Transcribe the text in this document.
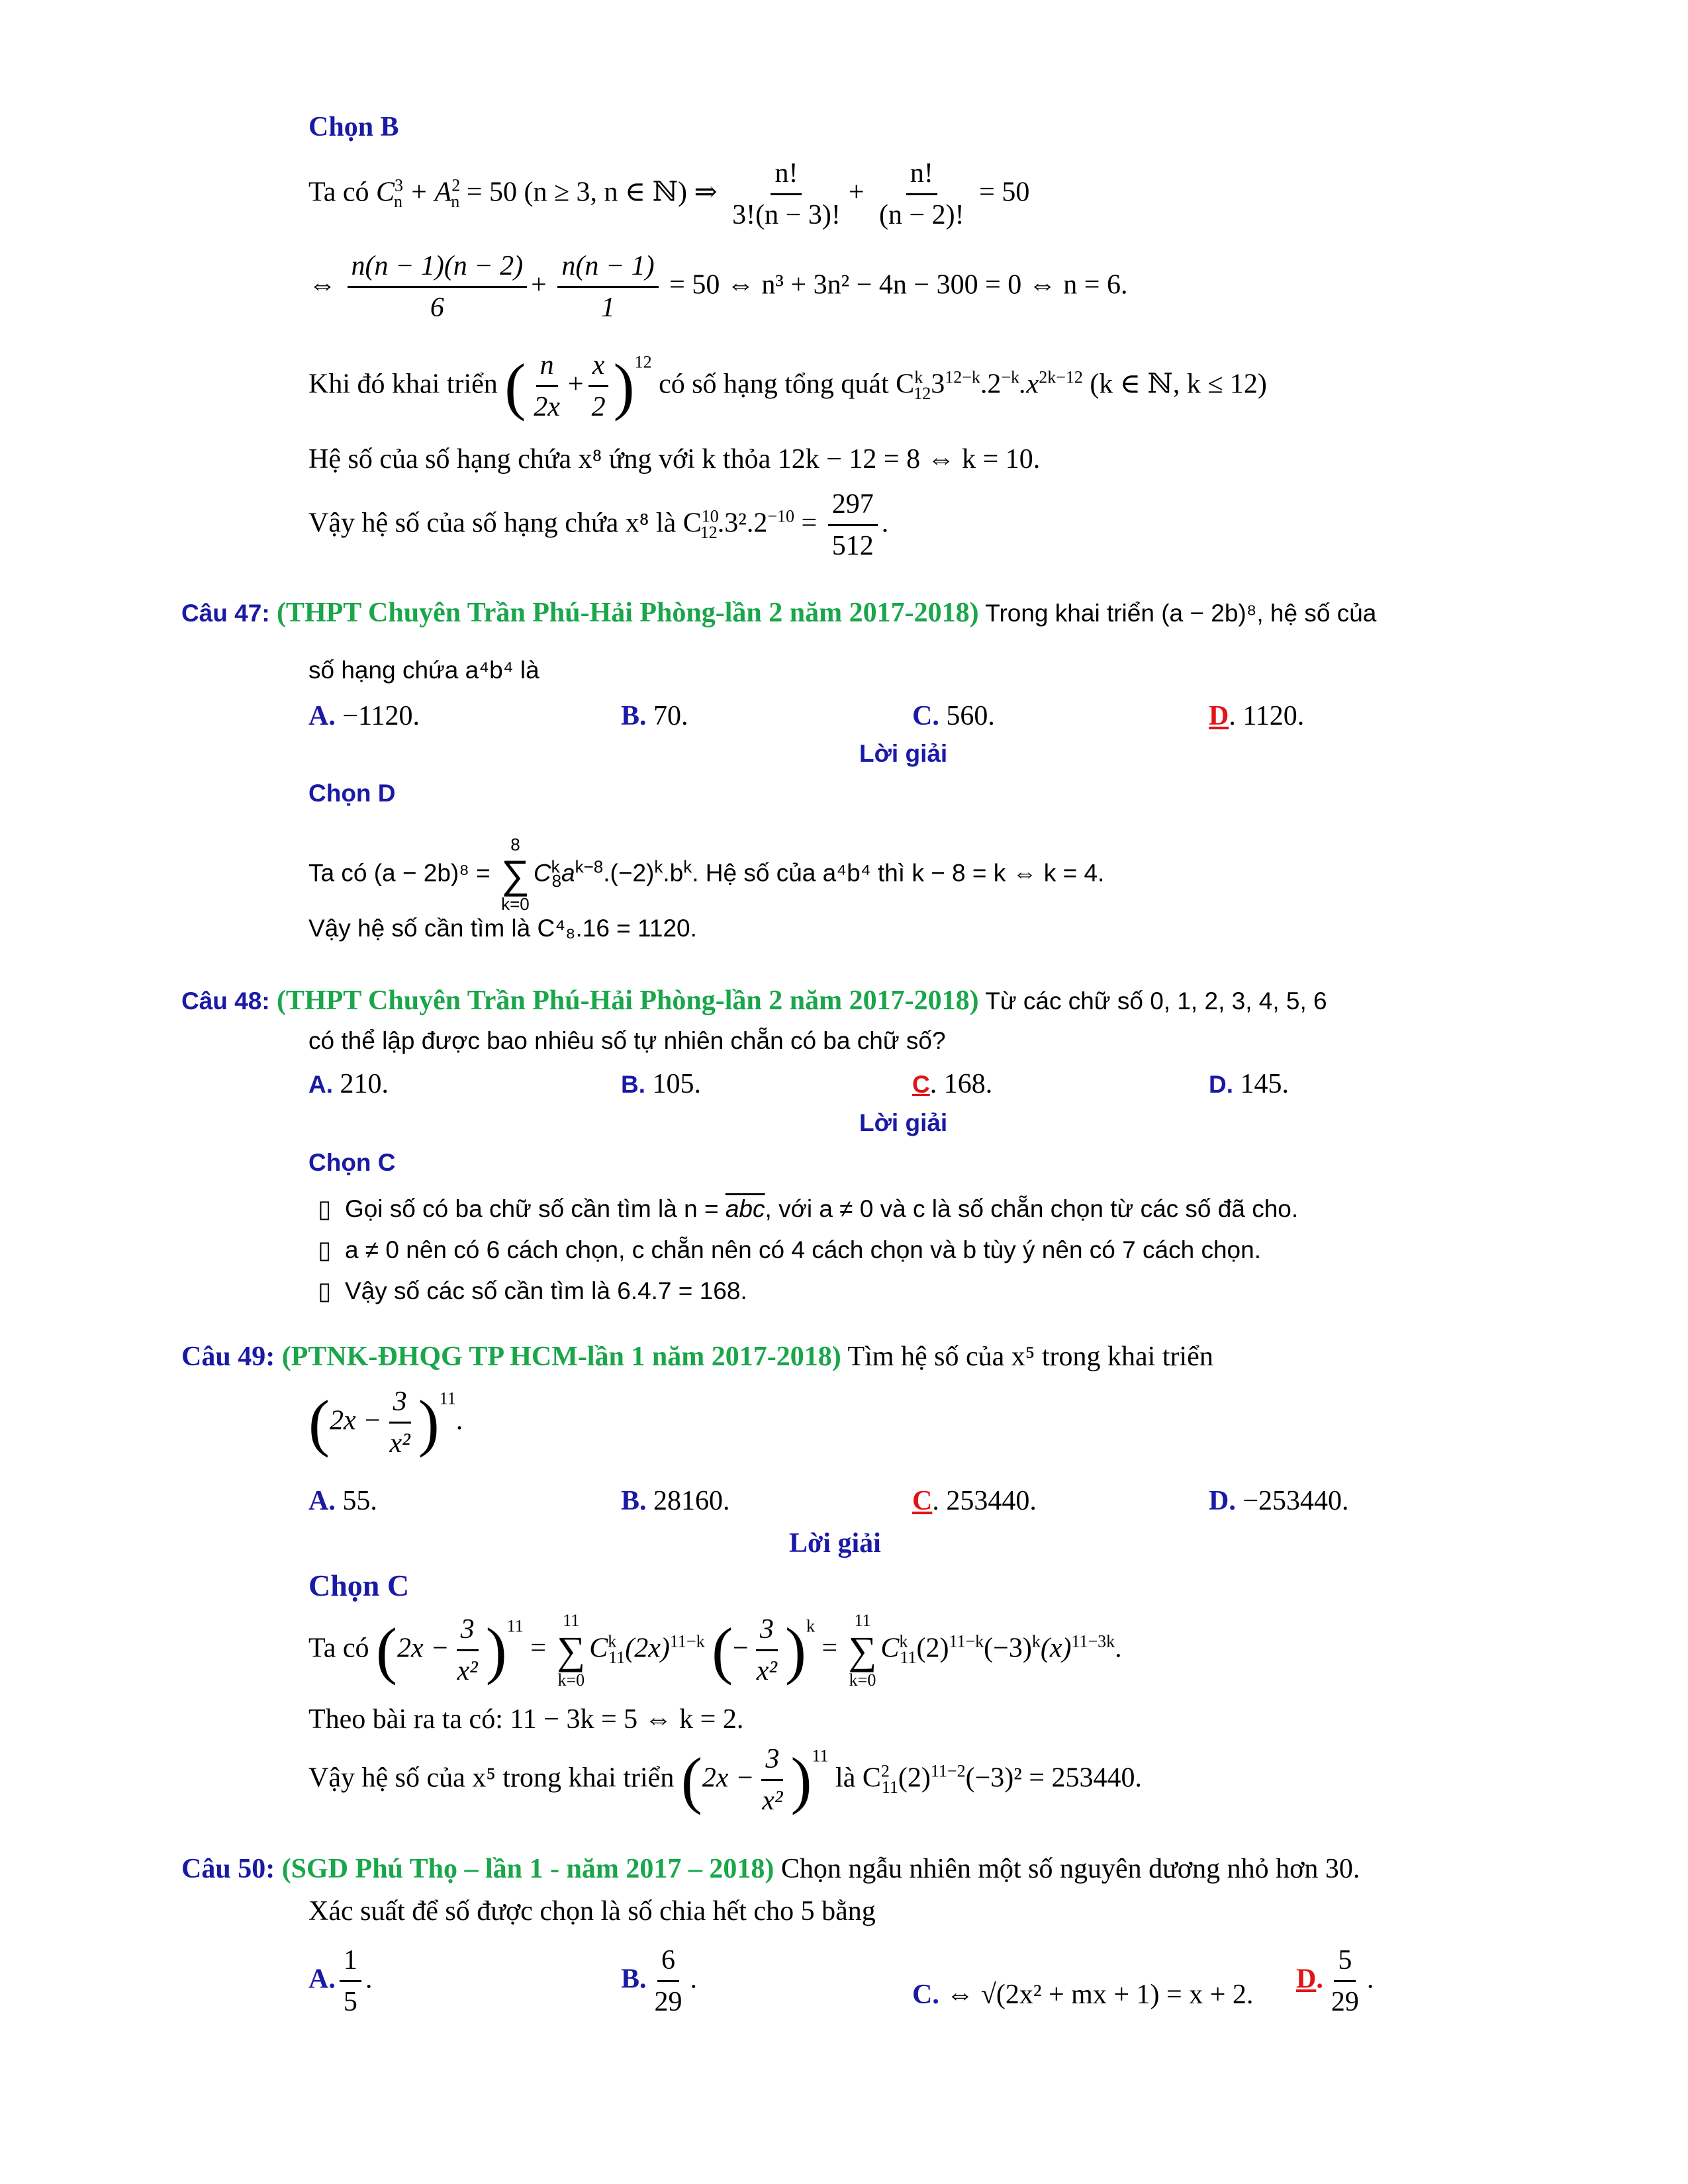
Chọn B
Ta có $C^3_n + A^2_n = 50$ (n ≥ 3, n ∈ ℕ) ⇒ $\frac{n!}{3!(n - 3)!} + \frac{n!}{(n - 2)!} = 50$
⇔ $\frac{n(n - 1)(n - 2)}{6} + \frac{n(n - 1)}{1} = 50$ ⇔ n³ + 3n² − 4n − 300 = 0 ⇔ n = 6.
Khi đó khai triển ( $\frac{n}{2x} + \frac{x}{2} )^{12}$ có số hạng tổng quát $C^k_{12}3^{12-k}.2^{-k}.x^{2k-12}$ (k ∈ ℕ, k ≤ 12)
Hệ số của số hạng chứa x⁸ ứng với k thỏa 12k − 12 = 8 ⇔ k = 10.
Vậy hệ số của số hạng chứa x⁸ là $C^{10}_{12}.3^2.2^{-10} = \frac{297}{512}$ .
Câu 47: (THPT Chuyên Trần Phú-Hải Phòng-lần 2 năm 2017-2018) Trong khai triển (a − 2b)⁸, hệ số của
số hạng chứa a⁴b⁴ là
A. −1120.	B. 70.	C. 560.	D. 1120.
Lời giải
Chọn D
Ta có (a − 2b)⁸ =
8
∑
k=0
$C^k_8a^{k-8}.(-2)^k.b^k$. Hệ số của a⁴b⁴ thì k − 8 = k ⇔ k = 4.
Vậy hệ số cần tìm là C⁴₈.16 = 1120.
Câu 48: (THPT Chuyên Trần Phú-Hải Phòng-lần 2 năm 2017-2018) Từ các chữ số 0, 1, 2, 3, 4, 5, 6
có thể lập được bao nhiêu số tự nhiên chẵn có ba chữ số?
A. 210.	B. 105.	C. 168.	D. 145.
Lời giải
Chọn C
▯ Gọi số có ba chữ số cần tìm là $n = \overline{abc}$, với a ≠ 0 và c là số chẵn chọn từ các số đã cho.
▯ a ≠ 0 nên có 6 cách chọn, c chẵn nên có 4 cách chọn và b tùy ý nên có 7 cách chọn.
▯ Vậy số các số cần tìm là 6.4.7 = 168.
Câu 49: (PTNK-ĐHQG TP HCM-lần 1 năm 2017-2018) Tìm hệ số của x⁵ trong khai triển
$(2x - \frac{3}{\text{x²}} )^{11}$.
A. 55.	B. 28160.	C. 253440.	D. −253440.
Lời giải
Chọn C
Ta có $(2x - \frac{3}{\text{x²}} )^{11}$ =
11
∑
k=0
$C^k_{11}(2x)^{11-k}$ (− $\frac{3}{\text{x²}} )^k$ =
11
∑
k=0
$C^k_{11}(2)^{11-k}(-3)^k(x)^{11-3k}$.
Theo bài ra ta có: 11 − 3k = 5 ⇔ k = 2.
Vậy hệ số của x⁵ trong khai triển $(2x - \frac{3}{\text{x²}} )^{11}$ là $C^2_{11}(2)^{11-2}(-3)^2 = 253440$.
Câu 50: (SGD Phú Thọ – lần 1 - năm 2017 – 2018) Chọn ngẫu nhiên một số nguyên dương nhỏ hơn 30.
Xác suất để số được chọn là số chia hết cho 5 bằng
A. $\frac{1}{5}$ .	B. $\frac{6}{29}$ .
C. ⇔ √(2x² + mx + 1) = x + 2.
D. $\frac{5}{29}$ .
